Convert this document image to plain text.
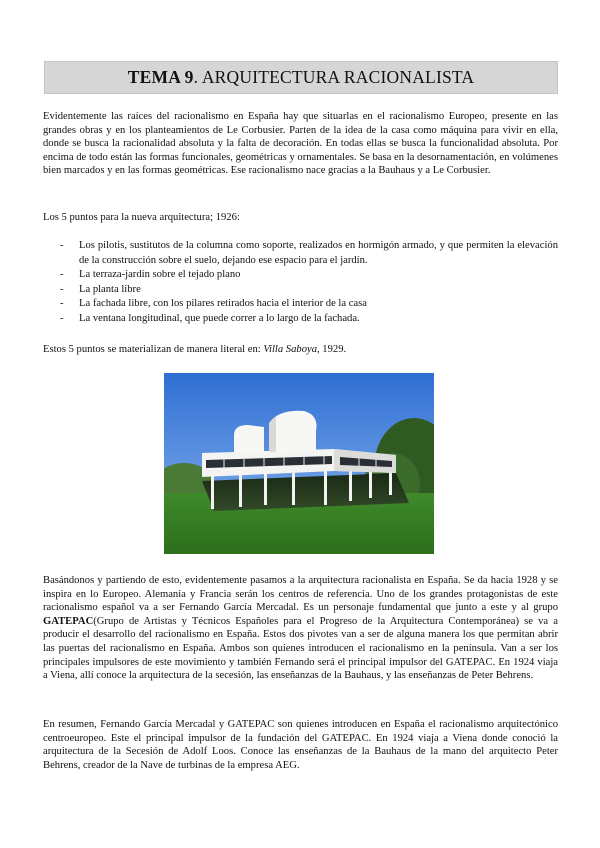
TEMA 9. ARQUITECTURA RACIONALISTA
Evidentemente las raíces del racionalismo en España hay que situarlas en el racionalismo Europeo, presente en las grandes obras y en los planteamientos de Le Corbusier. Parten de la idea de la casa como máquina para vivir en ella, donde se busca la racionalidad absoluta y la falta de decoración. En todas ellas se busca la funcionalidad absoluta. Por encima de todo están las formas funcionales, geométricas y ornamentales. Se basa en la desornamentación, en volúmenes bien marcados y en las formas geométricas. Ese racionalismo nace gracias a la Bauhaus y a Le Corbusier.
Los 5 puntos para la nueva arquitectura; 1926:
- Los pilotis, sustitutos de la columna como soporte, realizados en hormigón armado, y que permiten la elevación de la construcción sobre el suelo, dejando ese espacio para el jardín.
- La terraza-jardín sobre el tejado plano
- La planta libre
- La fachada libre, con los pilares retirados hacia el interior de la casa
- La ventana longitudinal, que puede correr a lo largo de la fachada.
Estos 5 puntos se materializan de manera literal en: Villa Saboya, 1929.
Basándonos y partiendo de esto, evidentemente pasamos a la arquitectura racionalista en España. Se da hacia 1928 y se inspira en lo Europeo. Alemania y Francia serán los centros de referencia. Uno de los grandes protagonistas de este racionalismo español va a ser Fernando García Mercadal. Es un personaje fundamental que junto a este y al grupo GATEPAC(Grupo de Artistas y Técnicos Españoles para el Progreso de la Arquitectura Contemporánea) se va a producir el desarrollo del racionalismo en España. Estos dos pivotes van a ser de alguna manera los que permitan abrir las puertas del racionalismo en España. Ambos son quienes introducen el racionalismo en la península. Van a ser los principales impulsores de este movimiento y también Fernando será el principal impulsor del GATEPAC. En 1924 viaja a Viena, allí conoce la arquitectura de la secesión, las enseñanzas de la Bauhaus, y las enseñanzas de Peter Behrens.
En resumen, Fernando García Mercadal y GATEPAC son quienes introducen en España el racionalismo arquitectónico centroeuropeo. Este el principal impulsor de la fundación del GATEPAC. En 1924 viaja a Viena donde conoció la arquitectura de la Secesión de Adolf Loos. Conoce las enseñanzas de la Bauhaus de la mano del arquitecto Peter Behrens, creador de la Nave de turbinas de la empresa AEG.
